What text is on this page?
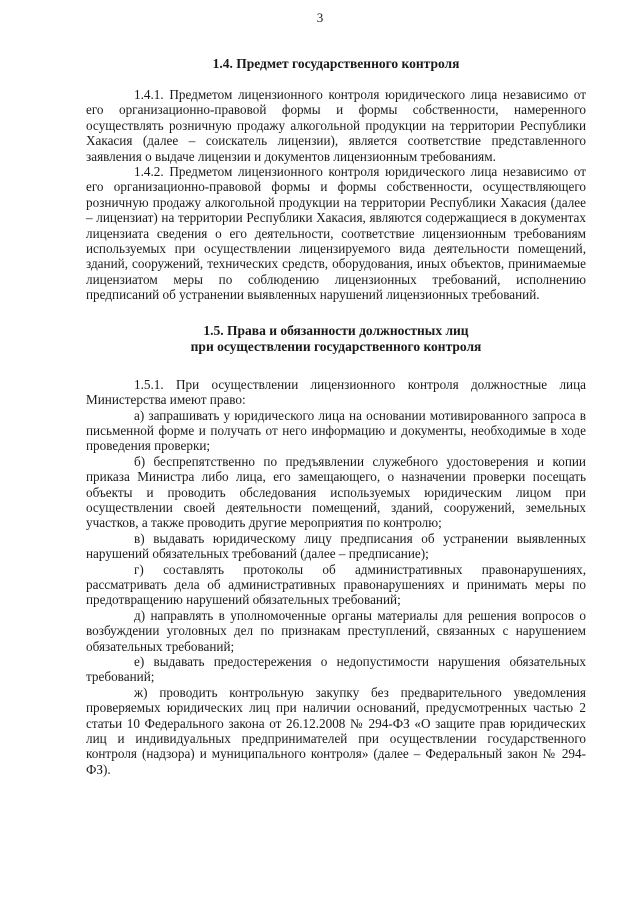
3
1.4. Предмет государственного контроля

1.4.1. Предметом лицензионного контроля юридического лица независимо от его организационно-правовой формы и формы собственности, намеренного осуществлять розничную продажу алкогольной продукции на территории Республики Хакасия (далее – соискатель лицензии), является соответствие представленного заявления о выдаче лицензии и документов лицензионным требованиям.

1.4.2. Предметом лицензионного контроля юридического лица независимо от его организационно-правовой формы и формы собственности, осуществляющего розничную продажу алкогольной продукции на территории Республики Хакасия (далее – лицензиат) на территории Республики Хакасия, являются содержащиеся в документах лицензиата сведения о его деятельности, соответствие лицензионным требованиям используемых при осуществлении лицензируемого вида деятельности помещений, зданий, сооружений, технических средств, оборудования, иных объектов, принимаемые лицензиатом меры по соблюдению лицензионных требований, исполнению предписаний об устранении выявленных нарушений лицензионных требований.

1.5. Права и обязанности должностных лиц
при осуществлении государственного контроля

1.5.1. При осуществлении лицензионного контроля должностные лица Министерства имеют право:

а) запрашивать у юридического лица на основании мотивированного запроса в письменной форме и получать от него информацию и документы, необходимые в ходе проведения проверки;

б) беспрепятственно по предъявлении служебного удостоверения и копии приказа Министра либо лица, его замещающего, о назначении проверки посещать объекты и проводить обследования используемых юридическим лицом при осуществлении своей деятельности помещений, зданий, сооружений, земельных участков, а также проводить другие мероприятия по контролю;

в) выдавать юридическому лицу предписания об устранении выявленных нарушений обязательных требований (далее – предписание);

г) составлять протоколы об административных правонарушениях, рассматривать дела об административных правонарушениях и принимать меры по предотвращению нарушений обязательных требований;

д) направлять в уполномоченные органы материалы для решения вопросов о возбуждении уголовных дел по признакам преступлений, связанных с нарушением обязательных требований;

е) выдавать предостережения о недопустимости нарушения обязательных требований;

ж) проводить контрольную закупку без предварительного уведомления проверяемых юридических лиц при наличии оснований, предусмотренных частью 2 статьи 10 Федерального закона от 26.12.2008 № 294-ФЗ «О защите прав юридических лиц и индивидуальных предпринимателей при осуществлении государственного контроля (надзора) и муниципального контроля» (далее – Федеральный закон № 294-ФЗ).
